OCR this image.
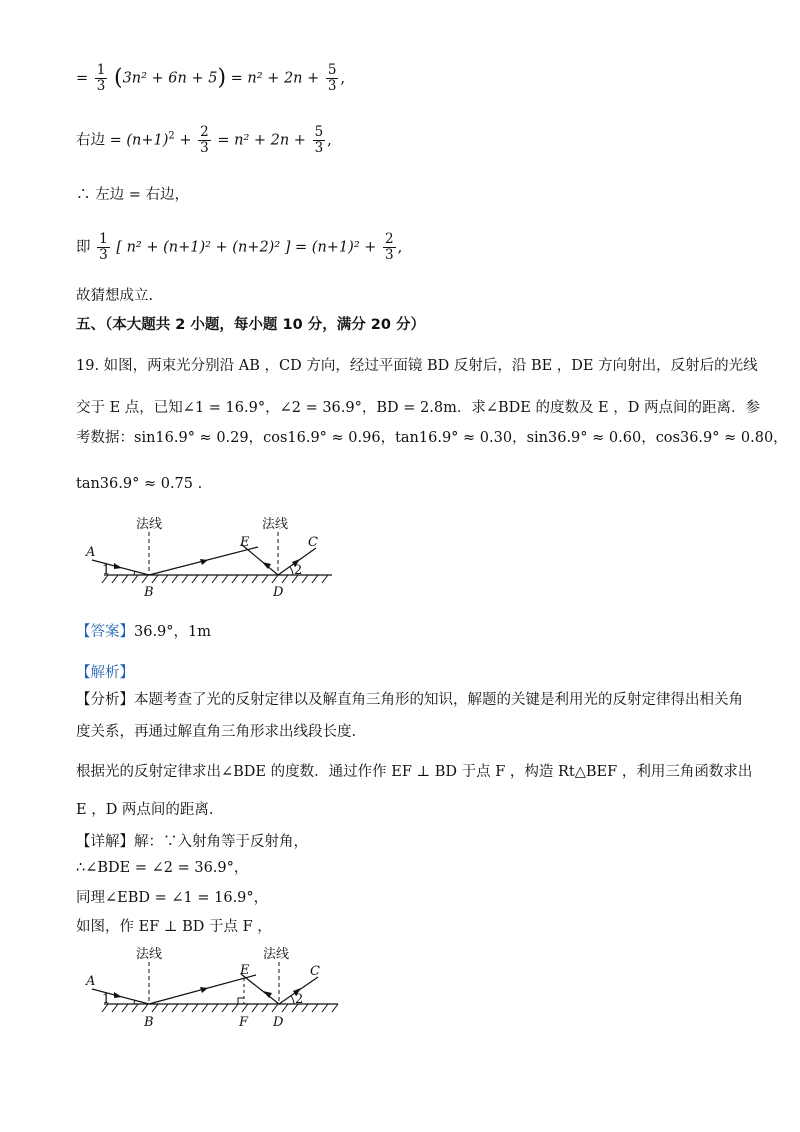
= $\frac{1}{3} (3n^2 + 6n + 5) = n^2 + 2n + \frac{5}{3}$ ,
右边 = $(n+1)^2 + \frac{2}{3} = n^2 + 2n + \frac{5}{3}$ ,
∴ 左边 = 右边，
即 $\frac{1}{3}$ [ n² + (n+1)² + (n+2)² ] = $(n+1)^2 + \frac{2}{3}$ ,
故猜想成立.
五、（本大题共 2 小题，每小题 10 分，满分 20 分）
19. 如图，两束光分别沿 AB ，CD 方向，经过平面镜 BD 反射后，沿 BE ，DE 方向射出，反射后的光线
交于 E 点，已知∠1 = 16.9°，∠2 = 36.9°，BD = 2.8m．求∠BDE 的度数及 E ，D 两点间的距离．参
考数据：sin16.9° ≈ 0.29，cos16.9° ≈ 0.96，tan16.9° ≈ 0.30，sin36.9° ≈ 0.60，cos36.9° ≈ 0.80，
tan36.9° ≈ 0.75 .
法线	法线
A
B
C
D
E
1	2
【答案】36.9°，1m
【解析】
【分析】本题考查了光的反射定律以及解直角三角形的知识，解题的关键是利用光的反射定律得出相关角
度关系，再通过解直角三角形求出线段长度.
根据光的反射定律求出∠BDE 的度数．通过作作 EF ⊥ BD 于点 F ，构造 Rt△BEF ，利用三角函数求出
E ，D 两点间的距离.
【详解】解：∵入射角等于反射角，
∴∠BDE = ∠2 = 36.9°，
同理∠EBD = ∠1 = 16.9°，
如图，作 EF ⊥ BD 于点 F ，
法线	法线
A
B
C
D
E
F
1	2
